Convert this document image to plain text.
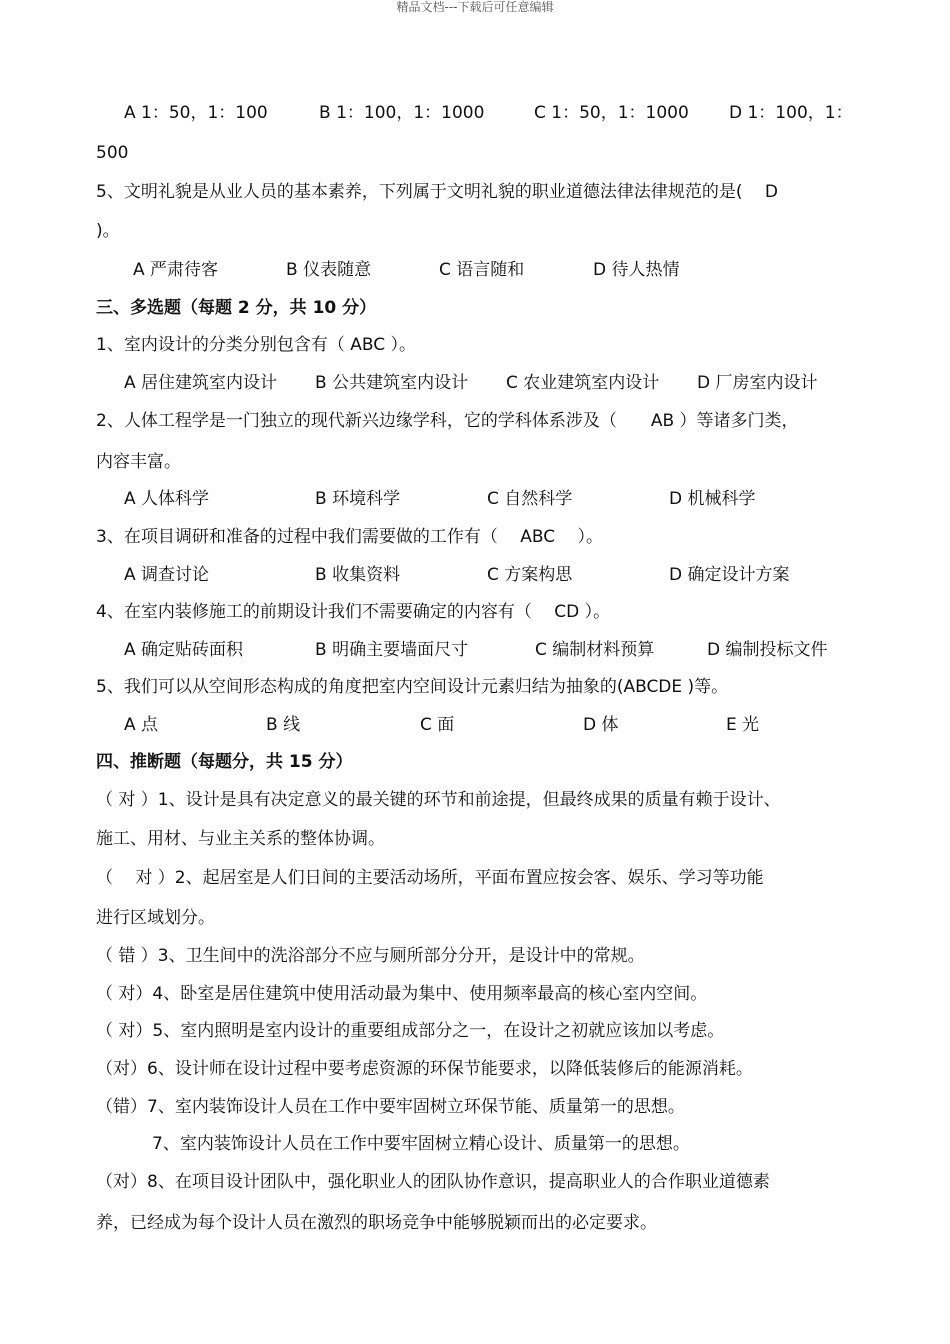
精品文档---下载后可任意编辑
A 1：50，1：100	B 1：100，1：1000	C 1：50，1：1000 D 1：100，1：
500
5、文明礼貌是从业人员的基本素养，下列属于文明礼貌的职业道德法律法律规范的是(　 D
)。
A 严肃待客	B 仪表随意	C 语言随和	D 待人热情
三、多选题（每题 2 分，共 10 分）
1、室内设计的分类分别包含有（ ABC ）。
A 居住建筑室内设计 B 公共建筑室内设计 C 农业建筑室内设计 D 厂房室内设计
2、人体工程学是一门独立的现代新兴边缘学科，它的学科体系涉及（　　AB ）等诸多门类，
内容丰富。
A 人体科学	B 环境科学	C 自然科学	D 机械科学
3、在项目调研和准备的过程中我们需要做的工作有（　 ABC　 ）。
A 调查讨论	B 收集资料	C 方案构思	D 确定设计方案
4、在室内装修施工的前期设计我们不需要确定的内容有（　 CD ）。
A 确定贴砖面积	B 明确主要墙面尺寸	C 编制材料预算	D 编制投标文件
5、我们可以从空间形态构成的角度把室内空间设计元素归结为抽象的(ABCDE )等。
A 点	B 线	C 面	D 体	E 光
四、推断题（每题分，共 15 分）
（ 对 ）1、设计是具有决定意义的最关键的环节和前途提，但最终成果的质量有赖于设计、
施工、用材、与业主关系的整体协调。
（　 对 ）2、起居室是人们日间的主要活动场所，平面布置应按会客、娱乐、学习等功能
进行区域划分。
（ 错 ）3、卫生间中的洗浴部分不应与厕所部分分开，是设计中的常规。
（ 对）4、卧室是居住建筑中使用活动最为集中、使用频率最高的核心室内空间。
（ 对）5、室内照明是室内设计的重要组成部分之一，在设计之初就应该加以考虑。
（对）6、设计师在设计过程中要考虑资源的环保节能要求，以降低装修后的能源消耗。
（错）7、室内装饰设计人员在工作中要牢固树立环保节能、质量第一的思想。
7、室内装饰设计人员在工作中要牢固树立精心设计、质量第一的思想。
（对）8、在项目设计团队中，强化职业人的团队协作意识，提高职业人的合作职业道德素
养，已经成为每个设计人员在激烈的职场竞争中能够脱颖而出的必定要求。
